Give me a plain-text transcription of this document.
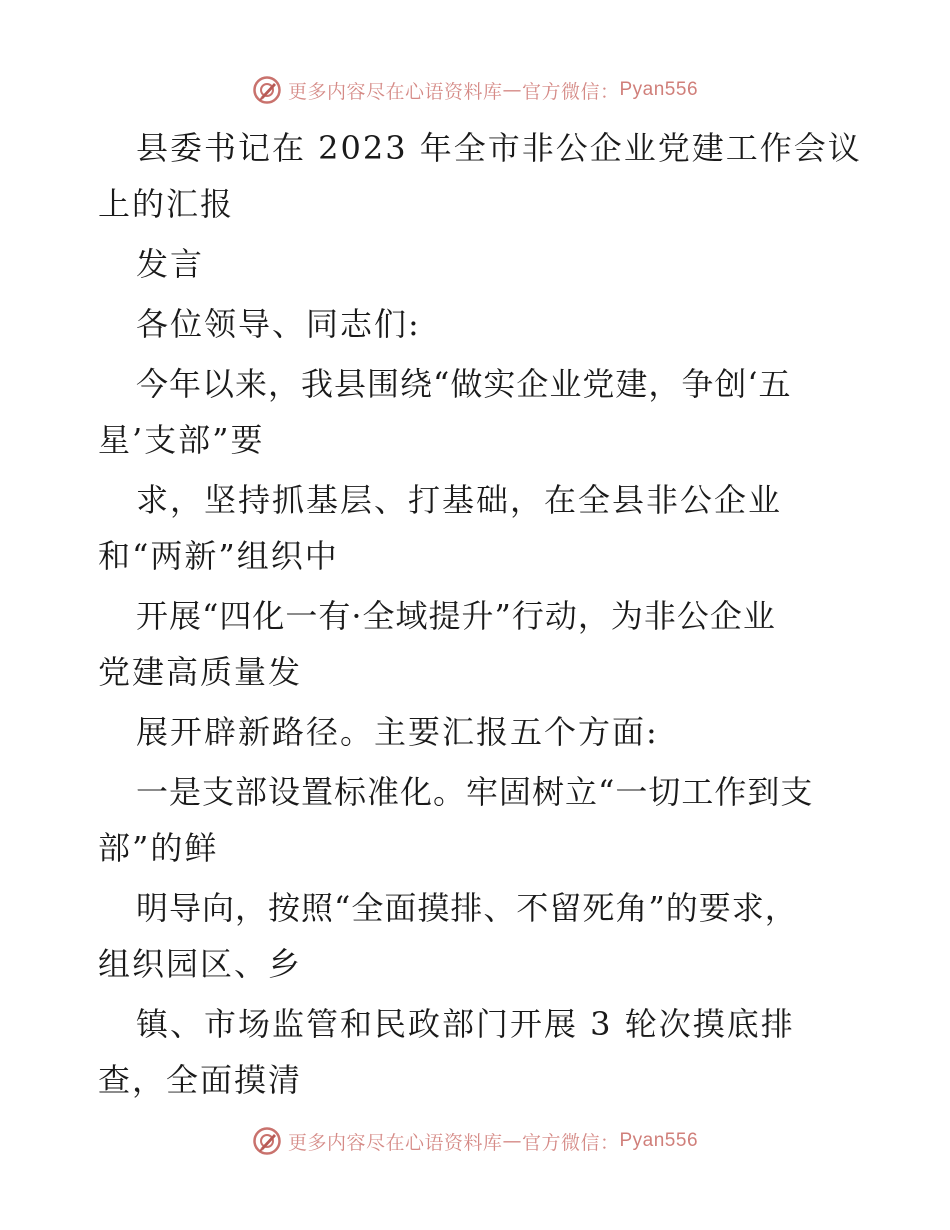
更多内容尽在心语资料库 — 官方微信： Pyan556
县委书记在 2023 年全市非公企业党建工作会议
上的汇报
发言
各位领导、同志们:
今年以来，我县围绕“做实企业党建，争创‘五
星’支部”要
求，坚持抓基层、打基础，在全县非公企业
和“两新”组织中
开展“四化一有·全域提升”行动，为非公企业
党建高质量发
展开辟新路径。主要汇报五个方面:
一是支部设置标准化。牢固树立“一切工作到支
部”的鲜
明导向，按照“全面摸排、不留死角”的要求，
组织园区、乡
镇、市场监管和民政部门开展 3 轮次摸底排
查，全面摸清
更多内容尽在心语资料库 — 官方微信： Pyan556
